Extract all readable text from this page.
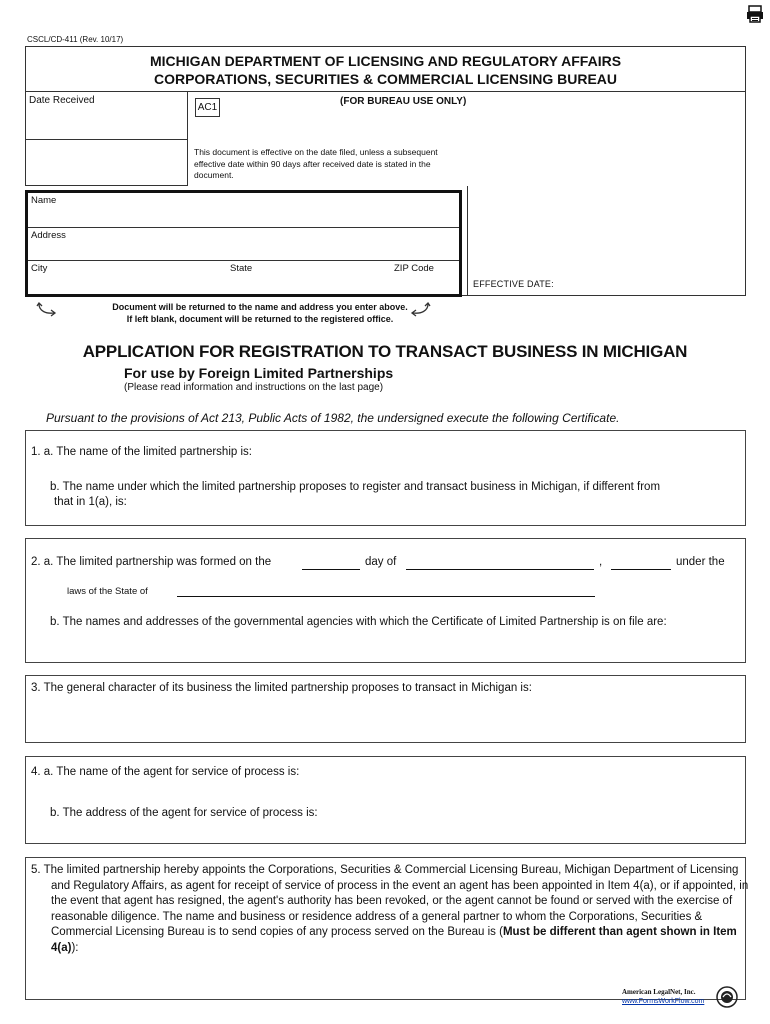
CSCL/CD-411 (Rev. 10/17)
MICHIGAN DEPARTMENT OF LICENSING AND REGULATORY AFFAIRS
CORPORATIONS, SECURITIES & COMMERCIAL LICENSING BUREAU
Date Received
AC1
(FOR BUREAU USE ONLY)
This document is effective on the date filed, unless a subsequent effective date within 90 days after received date is stated in the document.
EFFECTIVE DATE:
Name
Address
City	State	ZIP Code
Document will be returned to the name and address you enter above.
If left blank, document will be returned to the registered office.
APPLICATION FOR REGISTRATION TO TRANSACT BUSINESS IN MICHIGAN
For use by Foreign Limited Partnerships
(Please read information and instructions on the last page)
Pursuant to the provisions of Act 213, Public Acts of 1982, the undersigned execute the following Certificate.
1. a. The name of the limited partnership is:
b. The name under which the limited partnership proposes to register and transact business in Michigan, if different from
that in 1(a), is:
2. a. The limited partnership was formed on the	day of	,	under the
laws of the State of
b. The names and addresses of the governmental agencies with which the Certificate of Limited Partnership is on file are:
3. The general character of its business the limited partnership proposes to transact in Michigan is:
4. a. The name of the agent for service of process is:
b. The address of the agent for service of process is:
5. The limited partnership hereby appoints the Corporations, Securities & Commercial Licensing Bureau, Michigan Department of Licensing and Regulatory Affairs, as agent for receipt of service of process in the event an agent has been appointed in Item 4(a), or if appointed, in the event that agent has resigned, the agent's authority has been revoked, or the agent cannot be found or served with the exercise of reasonable diligence. The name and business or residence address of a general partner to whom the Corporations, Securities & Commercial Licensing Bureau is to send copies of any process served on the Bureau is (Must be different than agent shown in Item 4(a)):
American LegalNet, Inc.
www.FormsWorkFlow.com
